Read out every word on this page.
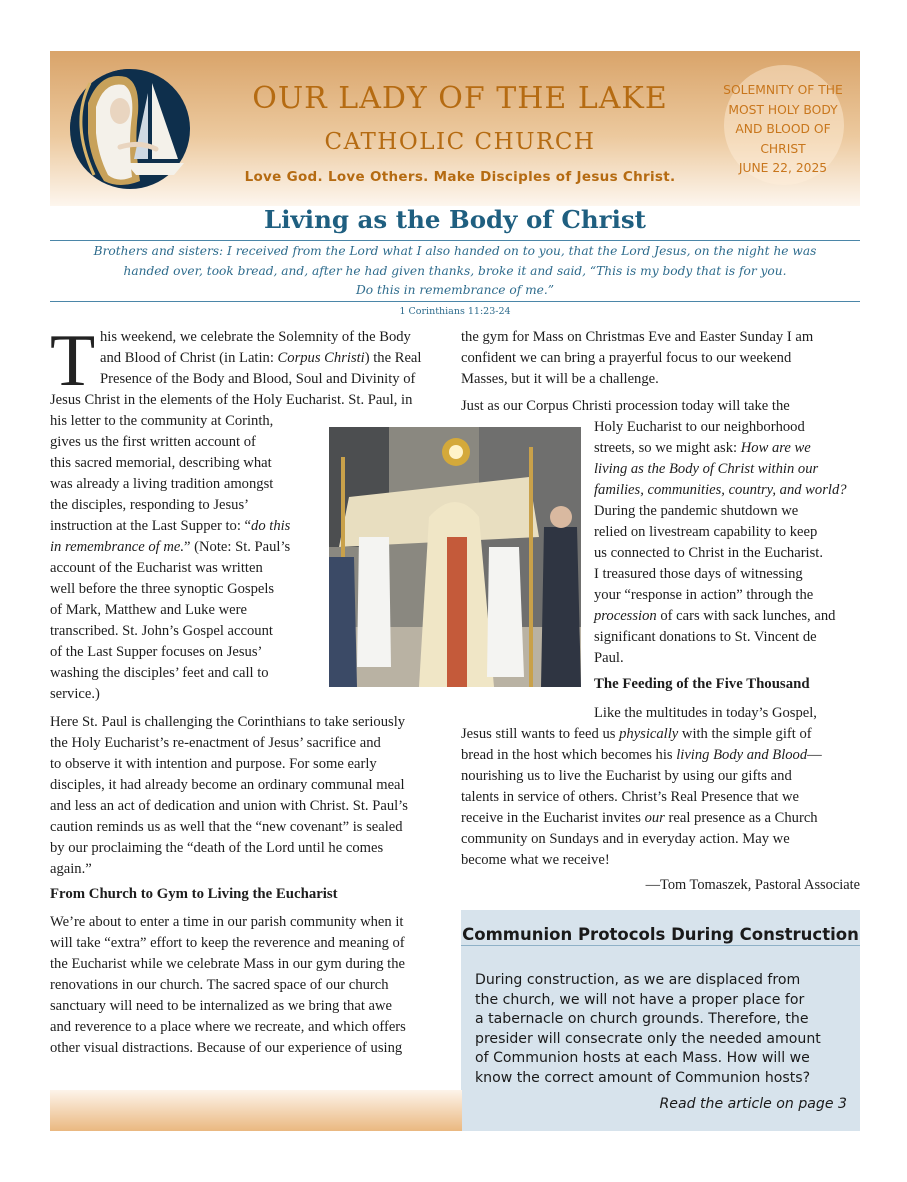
OUR LADY OF THE LAKE
CATHOLIC CHURCH
Love God. Love Others. Make Disciples of Jesus Christ.
SOLEMNITY OF THE
MOST HOLY BODY
AND BLOOD OF
CHRIST
JUNE 22, 2025
Living as the Body of Christ
Brothers and sisters: I received from the Lord what I also handed on to you, that the Lord Jesus, on the night he was
handed over, took bread, and, after he had given thanks, broke it and said, “This is my body that is for you.
Do this in remembrance of me.”
1 Corinthians 11:23-24
T his weekend, we celebrate the Solemnity of the Body

and Blood of Christ (in Latin: Corpus Christi) the Real

Presence of the Body and Blood, Soul and Divinity of

Jesus Christ in the elements of the Holy Eucharist. St. Paul, in

his letter to the community at Corinth,

gives us the first written account of

this sacred memorial, describing what

was already a living tradition amongst

the disciples, responding to Jesus’

instruction at the Last Supper to: “do this

in remembrance of me.” (Note: St. Paul’s

account of the Eucharist was written

well before the three synoptic Gospels

of Mark, Matthew and Luke were

transcribed. St. John’s Gospel account

of the Last Supper focuses on Jesus’

washing the disciples’ feet and call to

service.)

Here St. Paul is challenging the Corinthians to take seriously

the Holy Eucharist’s re-enactment of Jesus’ sacrifice and

to observe it with intention and purpose. For some early

disciples, it had already become an ordinary communal meal

and less an act of dedication and union with Christ. St. Paul’s

caution reminds us as well that the “new covenant” is sealed

by our proclaiming the “death of the Lord until he comes

again.”

From Church to Gym to Living the Eucharist

We’re about to enter a time in our parish community when it

will take “extra” effort to keep the reverence and meaning of

the Eucharist while we celebrate Mass in our gym during the

renovations in our church. The sacred space of our church

sanctuary will need to be internalized as we bring that awe

and reverence to a place where we recreate, and which offers

other visual distractions. Because of our experience of using

the gym for Mass on Christmas Eve and Easter Sunday I am

confident we can bring a prayerful focus to our weekend

Masses, but it will be a challenge.

Just as our Corpus Christi procession today will take the

Holy Eucharist to our neighborhood

streets, so we might ask: How are we

living as the Body of Christ within our

families, communities, country, and world?

During the pandemic shutdown we

relied on livestream capability to keep

us connected to Christ in the Eucharist.

I treasured those days of witnessing

your “response in action” through the

procession of cars with sack lunches, and

significant donations to St. Vincent de

Paul.

The Feeding of the Five Thousand

Like the multitudes in today’s Gospel,

Jesus still wants to feed us physically with the simple gift of

bread in the host which becomes his living Body and Blood—

nourishing us to live the Eucharist by using our gifts and

talents in service of others. Christ’s Real Presence that we

receive in the Eucharist invites our real presence as a Church

community on Sundays and in everyday action. May we

become what we receive!

—Tom Tomaszek, Pastoral Associate
Communion Protocols During Construction
During construction, as we are displaced from
the church, we will not have a proper place for
a tabernacle on church grounds. Therefore, the
presider will consecrate only the needed amount
of Communion hosts at each Mass. How will we
know the correct amount of Communion hosts?
Read the article on page 3
